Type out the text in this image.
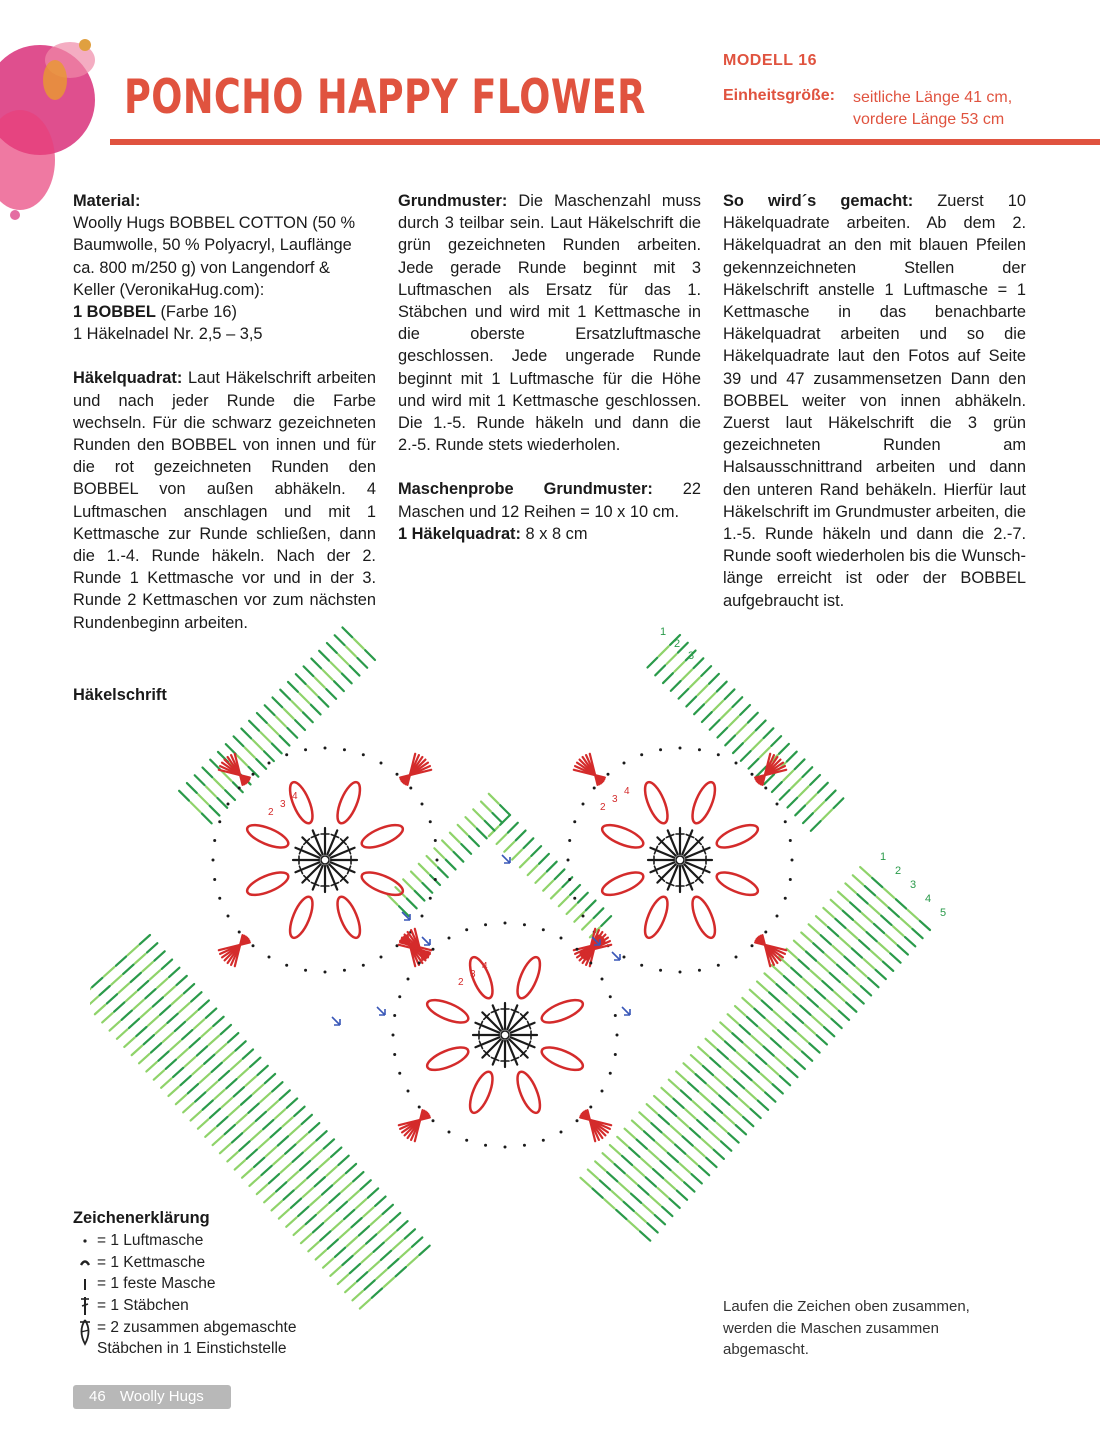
PONCHO HAPPY FLOWER
MODELL 16
Einheitsgröße: seitliche Länge 41 cm,
vordere Länge 53 cm

Material:
Woolly Hugs BOBBEL COTTON (50 % Baumwolle, 50 % Polyacryl, Lauflänge ca. 800 m/250 g) von Langendorf & Keller (VeronikaHug.com):
1 BOBBEL (Farbe 16)
1 Häkelnadel Nr. 2,5 – 3,5

Häkelquadrat: Laut Häkelschrift arbeiten und nach jeder Runde die Farbe wechseln. Für die schwarz gezeichneten Runden den BOBBEL von innen und für die rot gezeichneten Runden den BOBBEL von außen abhäkeln. 4 Luftmaschen anschlagen und mit 1 Kettmasche zur Runde schließen, dann die 1.-4. Runde häkeln. Nach der 2. Runde 1 Kettmasche vor und in der 3. Runde 2 Kettmaschen vor zum nächsten Rundenbeginn arbeiten.

Grundmuster: Die Maschenzahl muss durch 3 teilbar sein. Laut Häkelschrift die grün gezeichneten Runden arbeiten. Jede gerade Runde beginnt mit 3 Luftmaschen als Ersatz für das 1. Stäbchen und wird mit 1 Kettmasche in die oberste Ersatzluftmasche geschlossen. Jede ungerade Runde beginnt mit 1 Luftmasche für die Höhe und wird mit 1 Kettmasche geschlossen. Die 1.-5. Runde häkeln und dann die 2.-5. Runde stets wiederholen.

Maschenprobe Grundmuster: 22 Maschen und 12 Reihen = 10 x 10 cm.
1 Häkelquadrat: 8 x 8 cm

So wird´s gemacht: Zuerst 10 Häkelquadrate arbeiten. Ab dem 2. Häkelquadrat an den mit blauen Pfeilen gekennzeichneten Stellen der Häkelschrift anstelle 1 Luftmasche = 1 Kettmasche in das benachbarte Häkelquadrat arbeiten und so die Häkelquadrate laut den Fotos auf Seite 39 und 47 zusammensetzen Dann den BOBBEL weiter von innen abhäkeln. Zuerst laut Häkelschrift die 3 grün gezeichneten Runden am Halsausschnittrand arbeiten und dann den unteren Rand behäkeln. Hierfür laut Häkelschrift im Grundmuster arbeiten, die 1.-5. Runde häkeln und dann die 2.-7. Runde sooft wiederholen bis die Wunsch-länge erreicht ist oder der BOBBEL aufgebraucht ist.

Häkelschrift
1
2
3
1
2
3
4
5
2
3
4
2
3
4
2
3
4
Zeichenerklärung
= 1 Luftmasche
= 1 Kettmasche
= 1 feste Masche
= 1 Stäbchen
= 2 zusammen abgemaschte
Stäbchen in 1 Einstichstelle
Laufen die Zeichen oben zusammen, werden die Maschen zusammen abgemascht.
46 Woolly Hugs
